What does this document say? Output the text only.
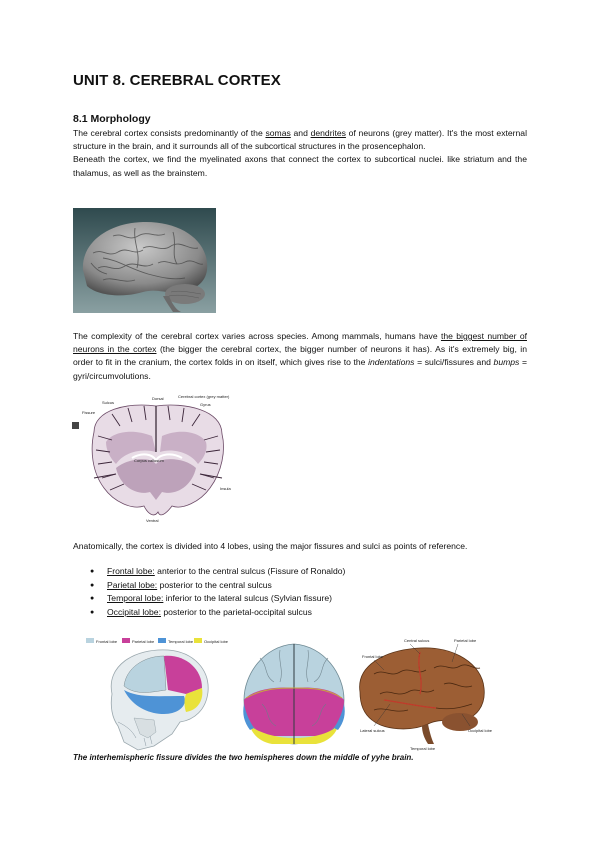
UNIT 8. CEREBRAL CORTEX
8.1 Morphology
The cerebral cortex consists predominantly of the somas and dendrites of neurons (grey matter). It's the most external structure in the brain, and it surrounds all of the subcortical structures in the prosencephalon.
Beneath the cortex, we find the myelinated axons that connect the cortex to subcortical nuclei. like striatum and the thalamus, as well as the brainstem.
The complexity of the cerebral cortex varies across species. Among mammals, humans have the biggest number of neurons in the cortex (the bigger the cerebral cortex, the bigger number of neurons it has). As it's extremely big, in order to fit in the cranium, the cortex folds in on itself, which gives rise to the indentations = sulci/fissures and bumps = gyri/circumvolutions.
Dorsal	Cerebral cortex (grey matter)
Gyrus
Sulcus
Fissure
Corpus callosum
Insula
Ventral
Anatomically, the cortex is divided into 4 lobes, using the major fissures and sulci as points of reference.
● Frontal lobe: anterior to the central sulcus (Fissure of Ronaldo)
● Parietal lobe: posterior to the central sulcus
● Temporal lobe: inferior to the lateral sulcus (Sylvian fissure)
● Occipital lobe: posterior to the parietal-occipital sulcus
Frontal lobe	Parietal lobe	Temporal lobe	Occipital lobe	Central sulcus	Parietal lobe
Frontal lobe
Lateral sulcus
Temporal lobe
Occipital lobe
The interhemispheric fissure divides the two hemispheres down the middle of yyhe brain.
